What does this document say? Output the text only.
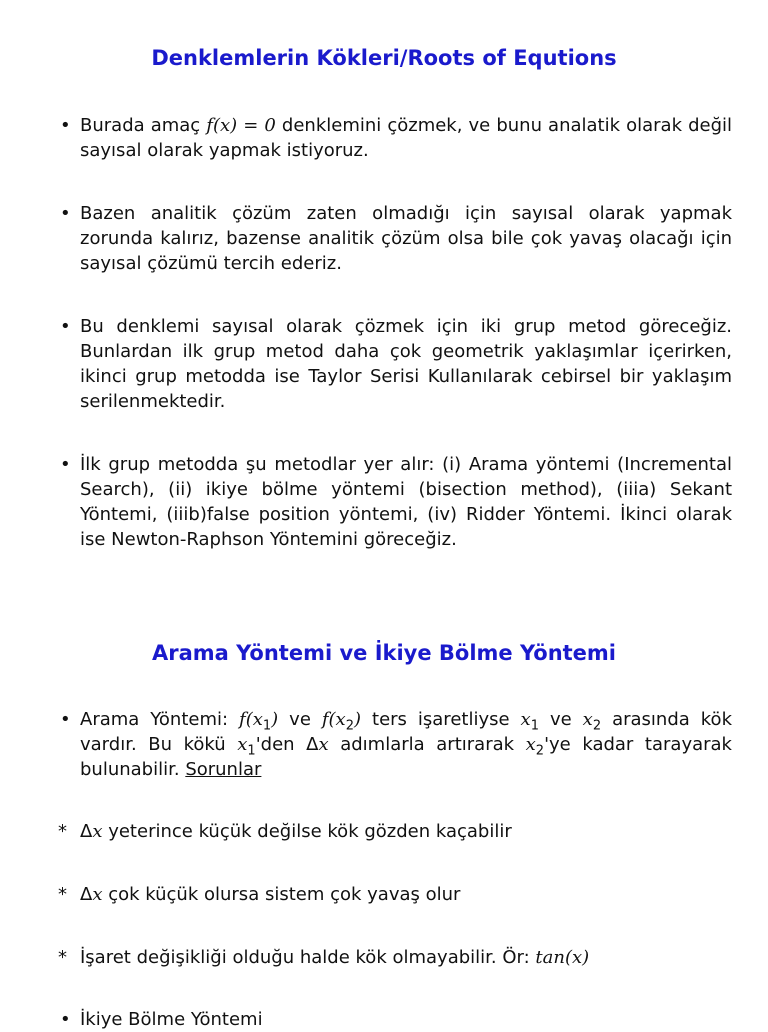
Denklemlerin Kökleri/Roots of Equtions
• Burada amaç f(x) = 0 denklemini çözmek, ve bunu analatik olarak değil sayısal olarak yapmak istiyoruz.
• Bazen analitik çözüm zaten olmadığı için sayısal olarak yapmak zorunda kalırız, bazense analitik çözüm olsa bile çok yavaş olacağı için sayısal çözümü tercih ederiz.
• Bu denklemi sayısal olarak çözmek için iki grup metod göreceğiz. Bunlardan ilk grup metod daha çok geometrik yaklaşımlar içerirken, ikinci grup metodda ise Taylor Serisi Kullanılarak cebirsel bir yaklaşım serilenmektedir.
• İlk grup metodda şu metodlar yer alır: (i) Arama yöntemi (Incremental Search), (ii) ikiye bölme yöntemi (bisection method), (iiia) Sekant Yöntemi, (iiib)false position yöntemi, (iv) Ridder Yöntemi. İkinci olarak ise Newton-Raphson Yöntemini göreceğiz.
Arama Yöntemi ve İkiye Bölme Yöntemi
• Arama Yöntemi: $f(x_1)$ ve $f(x_2)$ ters işaretliyse $x_1$ ve $x_2$ arasında kök vardır. Bu kökü $x_1'den$ Δx adımlarla artırarak $x_2'ye$ kadar tarayarak bulunabilir. Sorunlar
* Δx yeterince küçük değilse kök gözden kaçabilir
* Δx çok küçük olursa sistem çok yavaş olur
* İşaret değişikliği olduğu halde kök olmayabilir. Ör: tan(x)
• İkiye Bölme Yöntemi
